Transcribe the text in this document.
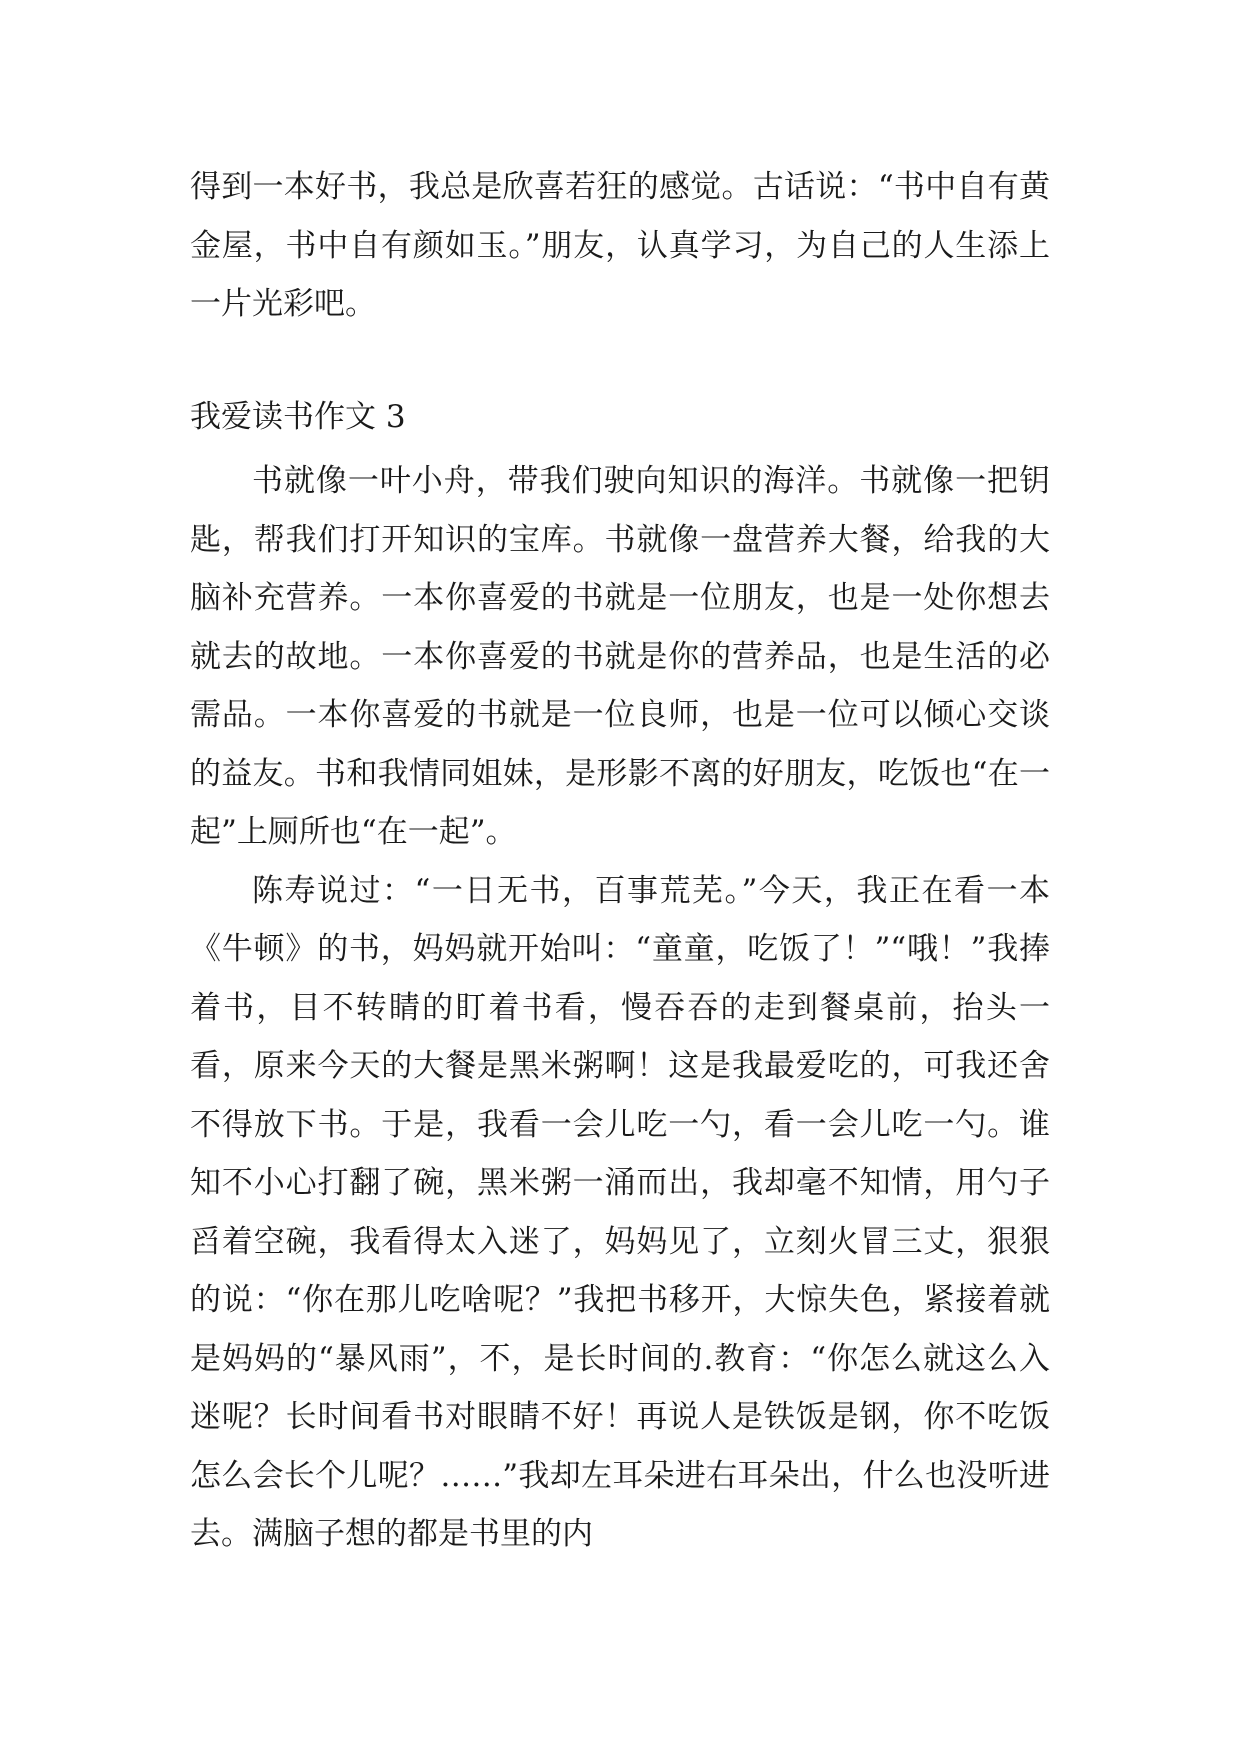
得到一本好书，我总是欣喜若狂的感觉。古话说：“书中自有黄金屋，书中自有颜如玉。”朋友，认真学习，为自己的人生添上一片光彩吧。

我爱读书作文 3

书就像一叶小舟，带我们驶向知识的海洋。书就像一把钥匙，帮我们打开知识的宝库。书就像一盘营养大餐，给我的大脑补充营养。一本你喜爱的书就是一位朋友，也是一处你想去就去的故地。一本你喜爱的书就是你的营养品，也是生活的必需品。一本你喜爱的书就是一位良师，也是一位可以倾心交谈的益友。书和我情同姐妹，是形影不离的好朋友，吃饭也“在一起”上厕所也“在一起”。

陈寿说过：“一日无书，百事荒芜。”今天，我正在看一本《牛顿》的书，妈妈就开始叫：“童童，吃饭了！”“哦！”我捧着书，目不转睛的盯着书看，慢吞吞的走到餐桌前，抬头一看，原来今天的大餐是黑米粥啊！这是我最爱吃的，可我还舍不得放下书。于是，我看一会儿吃一勺，看一会儿吃一勺。谁知不小心打翻了碗，黑米粥一涌而出，我却毫不知情，用勺子舀着空碗，我看得太入迷了，妈妈见了，立刻火冒三丈，狠狠的说：“你在那儿吃啥呢？”我把书移开，大惊失色，紧接着就是妈妈的“暴风雨”，不，是长时间的.教育：“你怎么就这么入迷呢？长时间看书对眼睛不好！再说人是铁饭是钢，你不吃饭怎么会长个儿呢？……”我却左耳朵进右耳朵出，什么也没听进去。满脑子想的都是书里的内
